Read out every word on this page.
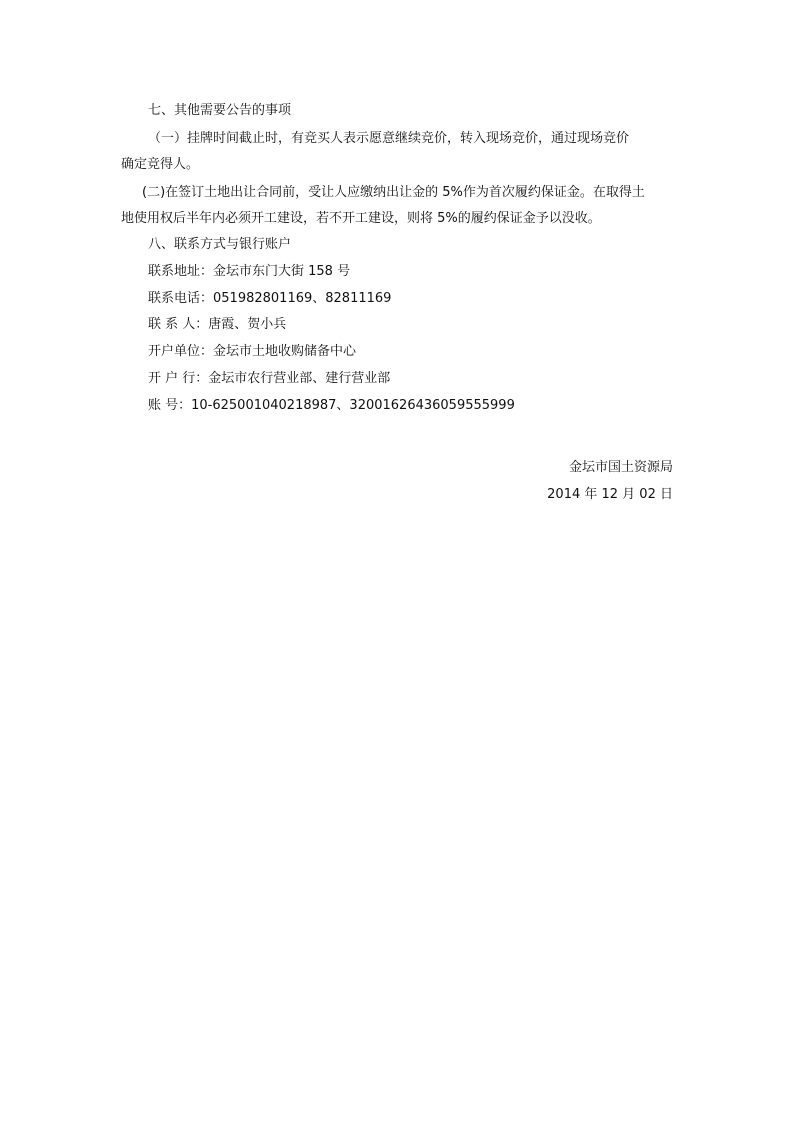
七、其他需要公告的事项
（一）挂牌时间截止时，有竞买人表示愿意继续竞价，转入现场竞价，通过现场竞价
确定竞得人。
(二)在签订土地出让合同前，受让人应缴纳出让金的 5%作为首次履约保证金。在取得土
地使用权后半年内必须开工建设，若不开工建设，则将 5%的履约保证金予以没收。
八、联系方式与银行账户
联系地址：金坛市东门大街 158 号
联系电话：051982801169、82811169
联 系 人：唐霞、贺小兵
开户单位：金坛市土地收购储备中心
开 户 行：金坛市农行营业部、建行营业部
账 号：10-625001040218987、32001626436059555999
金坛市国土资源局
2014 年 12 月 02 日
